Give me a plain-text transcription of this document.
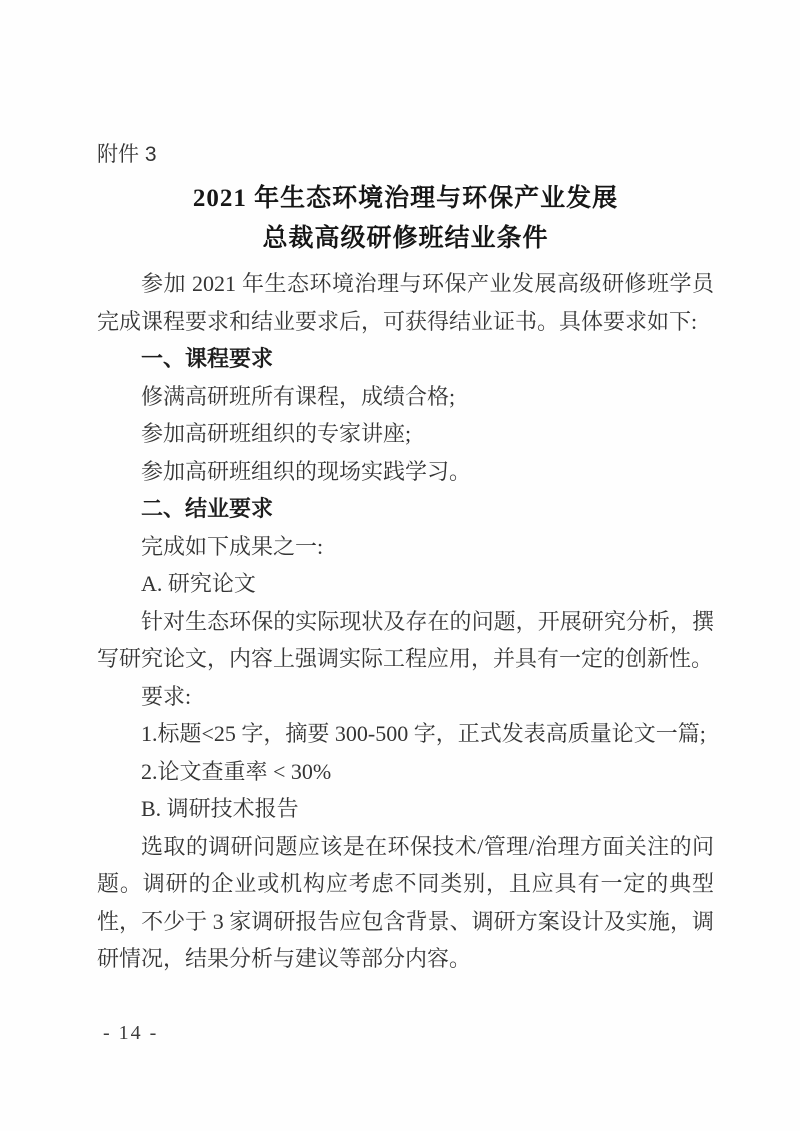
附件 3
2021 年生态环境治理与环保产业发展
总裁高级研修班结业条件

参加 2021 年生态环境治理与环保产业发展高级研修班学员完成课程要求和结业要求后，可获得结业证书。具体要求如下:

一、课程要求

修满高研班所有课程，成绩合格;

参加高研班组织的专家讲座;

参加高研班组织的现场实践学习。

二、结业要求

完成如下成果之一:

A. 研究论文

针对生态环保的实际现状及存在的问题，开展研究分析，撰写研究论文，内容上强调实际工程应用，并具有一定的创新性。

要求:

1.标题<25 字，摘要 300-500 字，正式发表高质量论文一篇;

2.论文查重率 < 30%

B. 调研技术报告

选取的调研问题应该是在环保技术/管理/治理方面关注的问题。调研的企业或机构应考虑不同类别，且应具有一定的典型性，不少于 3 家调研报告应包含背景、调研方案设计及实施，调研情况，结果分析与建议等部分内容。

- 14 -
